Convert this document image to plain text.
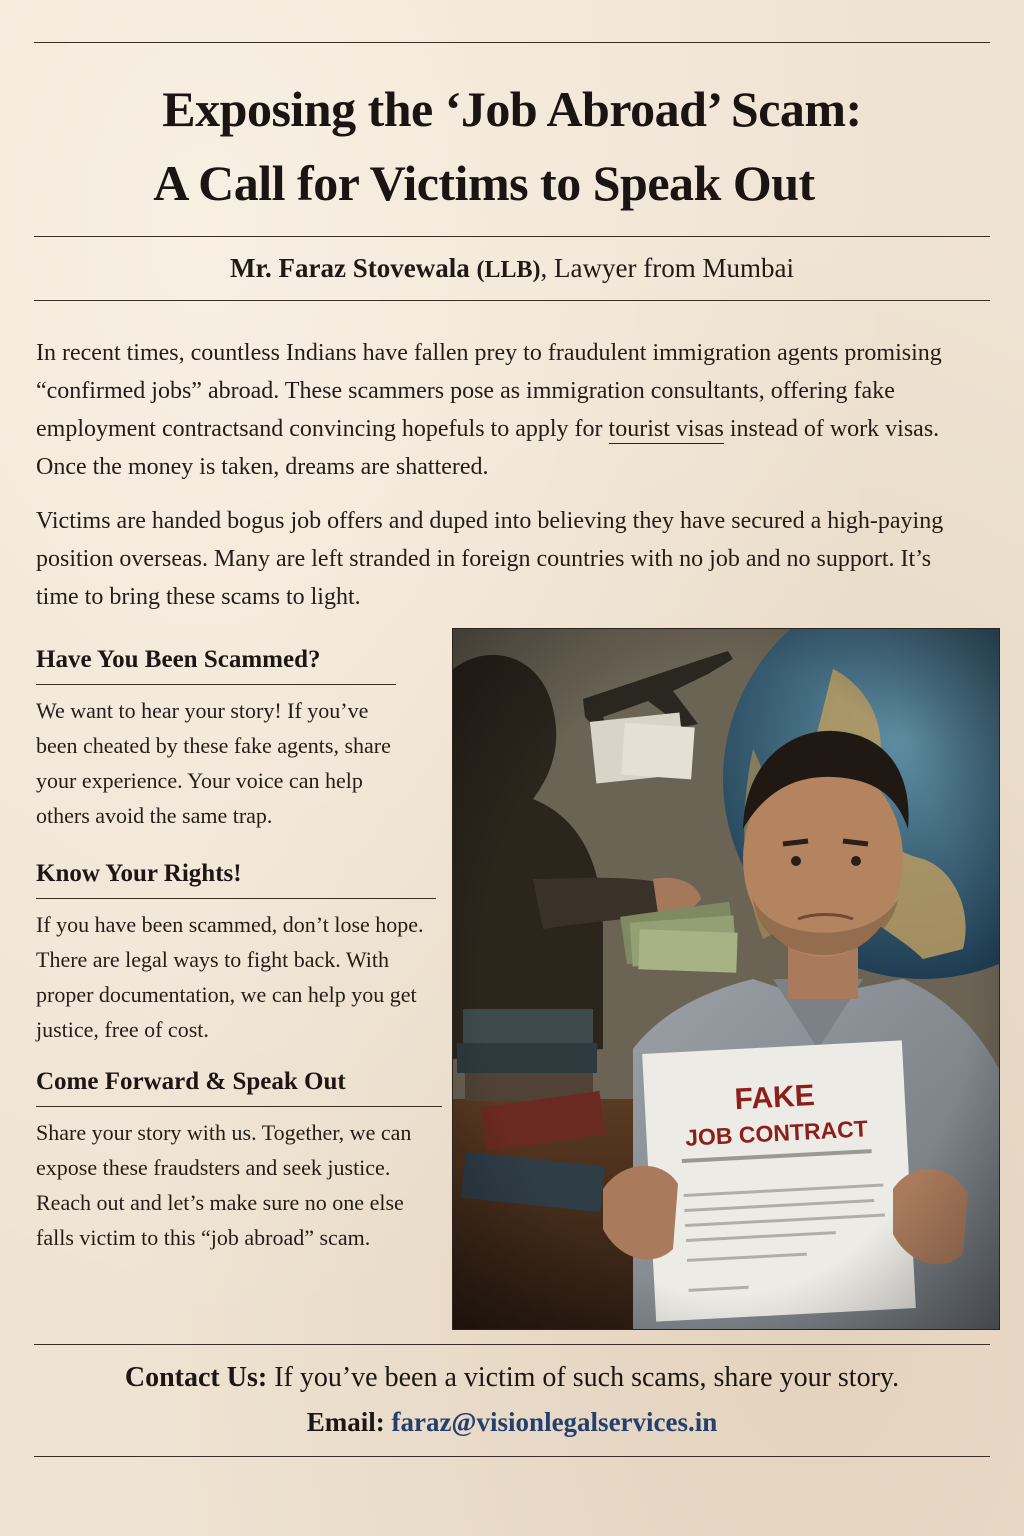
Exposing the ‘Job Abroad’ Scam:
A Call for Victims to Speak Out
Mr. Faraz Stovewala (LLB), Lawyer from Mumbai

In recent times, countless Indians have fallen prey to fraudulent immigration agents promising “confirmed jobs” abroad. These scammers pose as immigration consultants, offering fake employment contractsand convincing hopefuls to apply for tourist visas instead of work visas. Once the money is taken, dreams are shattered.

Victims are handed bogus job offers and duped into believing they have secured a high-paying position overseas. Many are left stranded in foreign countries with no job and no support. It’s time to bring these scams to light.

Have You Been Scammed?

We want to hear your story! If you’ve been cheated by these fake agents, share your experience. Your voice can help others avoid the same trap.

Know Your Rights!

If you have been scammed, don’t lose hope. There are legal ways to fight back. With proper documentation, we can help you get justice, free of cost.

Come Forward & Speak Out

Share your story with us. Together, we can expose these fraudsters and seek justice. Reach out and let’s make sure no one else falls victim to this “job abroad” scam.

Contact Us: If you’ve been a victim of such scams, share your story.
Email: faraz@visionlegalservices.in
